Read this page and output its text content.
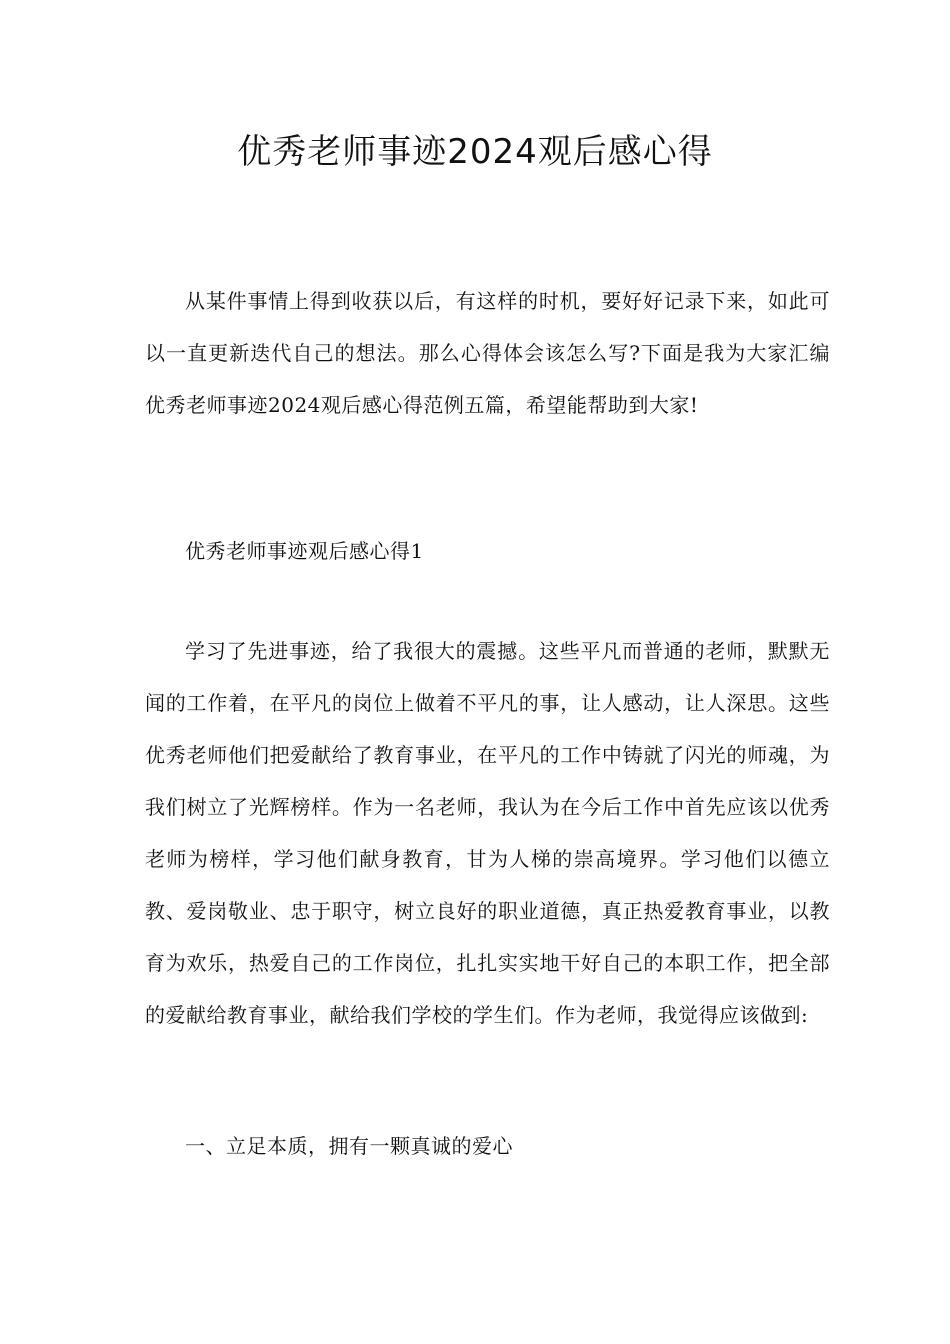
优秀老师事迹2024观后感心得

从某件事情上得到收获以后，有这样的时机，要好好记录下来，如此可以一直更新迭代自己的想法。那么心得体会该怎么写?下面是我为大家汇编优秀老师事迹2024观后感心得范例五篇，希望能帮助到大家!

优秀老师事迹观后感心得1

学习了先进事迹，给了我很大的震撼。这些平凡而普通的老师，默默无闻的工作着，在平凡的岗位上做着不平凡的事，让人感动，让人深思。这些优秀老师他们把爱献给了教育事业，在平凡的工作中铸就了闪光的师魂，为我们树立了光辉榜样。作为一名老师，我认为在今后工作中首先应该以优秀老师为榜样，学习他们献身教育，甘为人梯的崇高境界。学习他们以德立教、爱岗敬业、忠于职守，树立良好的职业道德，真正热爱教育事业，以教育为欢乐，热爱自己的工作岗位，扎扎实实地干好自己的本职工作，把全部的爱献给教育事业，献给我们学校的学生们。作为老师，我觉得应该做到:

一、立足本质，拥有一颗真诚的爱心
